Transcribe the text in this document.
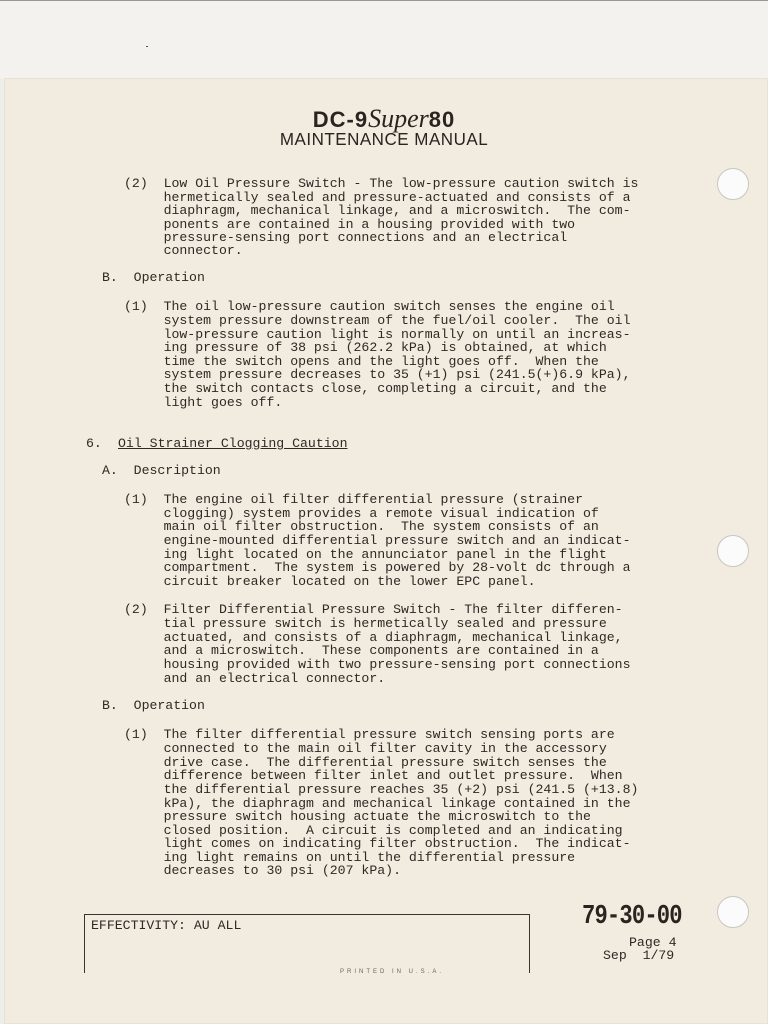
DC-9Super80
MAINTENANCE MANUAL
(2)  Low Oil Pressure Switch - The low-pressure caution switch is
hermetically sealed and pressure-actuated and consists of a
diaphragm, mechanical linkage, and a microswitch.  The com-
ponents are contained in a housing provided with two
pressure-sensing port connections and an electrical
connector.
B.  Operation
(1)  The oil low-pressure caution switch senses the engine oil
system pressure downstream of the fuel/oil cooler.  The oil
low-pressure caution light is normally on until an increas-
ing pressure of 38 psi (262.2 kPa) is obtained, at which
time the switch opens and the light goes off.  When the
system pressure decreases to 35 (+1) psi (241.5(+)6.9 kPa),
the switch contacts close, completing a circuit, and the
light goes off.
6. Oil Strainer Clogging Caution
A.  Description
(1)  The engine oil filter differential pressure (strainer
clogging) system provides a remote visual indication of
main oil filter obstruction.  The system consists of an
engine-mounted differential pressure switch and an indicat-
ing light located on the annunciator panel in the flight
compartment.  The system is powered by 28-volt dc through a
circuit breaker located on the lower EPC panel.
(2)  Filter Differential Pressure Switch - The filter differen-
tial pressure switch is hermetically sealed and pressure
actuated, and consists of a diaphragm, mechanical linkage,
and a microswitch.  These components are contained in a
housing provided with two pressure-sensing port connections
and an electrical connector.
B.  Operation
(1)  The filter differential pressure switch sensing ports are
connected to the main oil filter cavity in the accessory
drive case.  The differential pressure switch senses the
difference between filter inlet and outlet pressure.  When
the differential pressure reaches 35 (+2) psi (241.5 (+13.8)
kPa), the diaphragm and mechanical linkage contained in the
pressure switch housing actuate the microswitch to the
closed position.  A circuit is completed and an indicating
light comes on indicating filter obstruction.  The indicat-
ing light remains on until the differential pressure
decreases to 30 psi (207 kPa).
EFFECTIVITY: AU ALL	79-30-00
Page 4
Sep  1/79
PRINTED IN U.S.A.
